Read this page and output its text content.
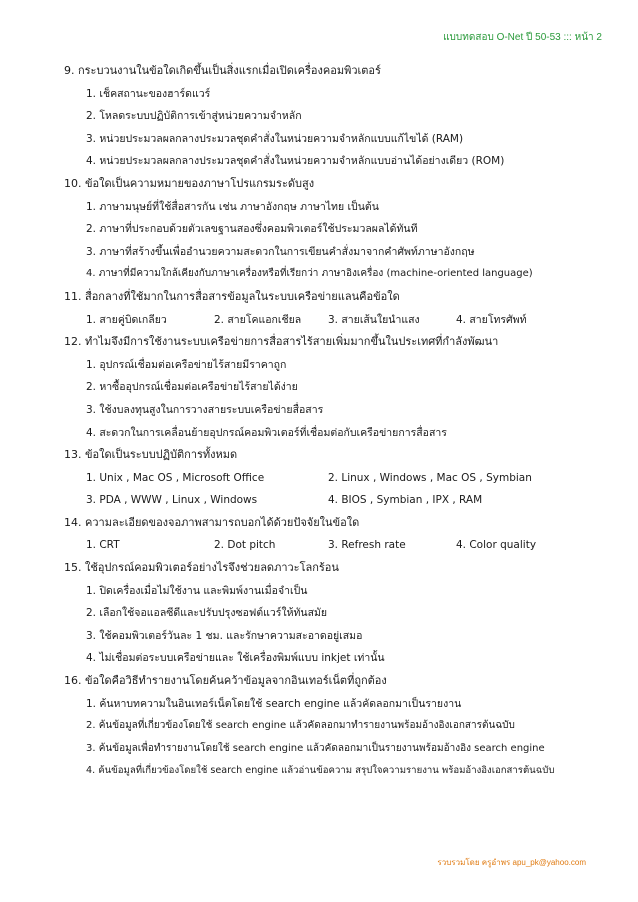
แบบทดสอบ O-Net ปี 50-53 ::: หน้า 2
9. กระบวนงานในข้อใดเกิดขึ้นเป็นสิ่งแรกเมื่อเปิดเครื่องคอมพิวเตอร์
1. เช็คสถานะของฮาร์ดแวร์
2. โหลดระบบปฏิบัติการเข้าสู่หน่วยความจำหลัก
3. หน่วยประมวลผลกลางประมวลชุดคำสั่งในหน่วยความจำหลักแบบแก้ไขได้ (RAM)
4. หน่วยประมวลผลกลางประมวลชุดคำสั่งในหน่วยความจำหลักแบบอ่านได้อย่างเดียว (ROM)
10. ข้อใดเป็นความหมายของภาษาโปรแกรมระดับสูง
1. ภาษามนุษย์ที่ใช้สื่อสารกัน เช่น ภาษาอังกฤษ ภาษาไทย เป็นต้น
2. ภาษาที่ประกอบด้วยตัวเลขฐานสองซึ่งคอมพิวเตอร์ใช้ประมวลผลได้ทันที
3. ภาษาที่สร้างขึ้นเพื่ออำนวยความสะดวกในการเขียนคำสั่งมาจากคำศัพท์ภาษาอังกฤษ
4. ภาษาที่มีความใกล้เคียงกับภาษาเครื่องหรือที่เรียกว่า ภาษาอิงเครื่อง (machine-oriented language)
11. สื่อกลางที่ใช้มากในการสื่อสารข้อมูลในระบบเครือข่ายแลนคือข้อใด
1. สายคู่บิดเกลียว	2. สายโคแอกเชียล	3. สายเส้นใยนำแสง	4. สายโทรศัพท์
12. ทำไมจึงมีการใช้งานระบบเครือข่ายการสื่อสารไร้สายเพิ่มมากขึ้นในประเทศที่กำลังพัฒนา
1. อุปกรณ์เชื่อมต่อเครือข่ายไร้สายมีราคาถูก
2. หาซื้ออุปกรณ์เชื่อมต่อเครือข่ายไร้สายได้ง่าย
3. ใช้งบลงทุนสูงในการวางสายระบบเครือข่ายสื่อสาร
4. สะดวกในการเคลื่อนย้ายอุปกรณ์คอมพิวเตอร์ที่เชื่อมต่อกับเครือข่ายการสื่อสาร
13. ข้อใดเป็นระบบปฏิบัติการทั้งหมด
1. Unix , Mac OS , Microsoft Office	2. Linux , Windows , Mac OS , Symbian
3. PDA , WWW , Linux , Windows	4. BIOS , Symbian , IPX , RAM
14. ความละเอียดของจอภาพสามารถบอกได้ด้วยปัจจัยในข้อใด
1. CRT	2. Dot pitch	3. Refresh rate	4. Color quality
15. ใช้อุปกรณ์คอมพิวเตอร์อย่างไรจึงช่วยลดภาวะโลกร้อน
1. ปิดเครื่องเมื่อไม่ใช้งาน และพิมพ์งานเมื่อจำเป็น
2. เลือกใช้จอแอลซีดีและปรับปรุงซอฟต์แวร์ให้ทันสมัย
3. ใช้คอมพิวเตอร์วันละ 1 ชม. และรักษาความสะอาดอยู่เสมอ
4. ไม่เชื่อมต่อระบบเครือข่ายและ ใช้เครื่องพิมพ์แบบ inkjet เท่านั้น
16. ข้อใดคือวิธีทำรายงานโดยค้นคว้าข้อมูลจากอินเทอร์เน็ตที่ถูกต้อง
1. ค้นหาบทความในอินเทอร์เน็ตโดยใช้ search engine แล้วคัดลอกมาเป็นรายงาน
2. ค้นข้อมูลที่เกี่ยวข้องโดยใช้ search engine แล้วคัดลอกมาทำรายงานพร้อมอ้างอิงเอกสารต้นฉบับ
3. ค้นข้อมูลเพื่อทำรายงานโดยใช้ search engine แล้วคัดลอกมาเป็นรายงานพร้อมอ้างอิง search engine
4. ค้นข้อมูลที่เกี่ยวข้องโดยใช้ search engine แล้วอ่านข้อความ สรุปใจความรายงาน พร้อมอ้างอิงเอกสารต้นฉบับ
รวบรวมโดย ครูอำพร apu_pk@yahoo.com
